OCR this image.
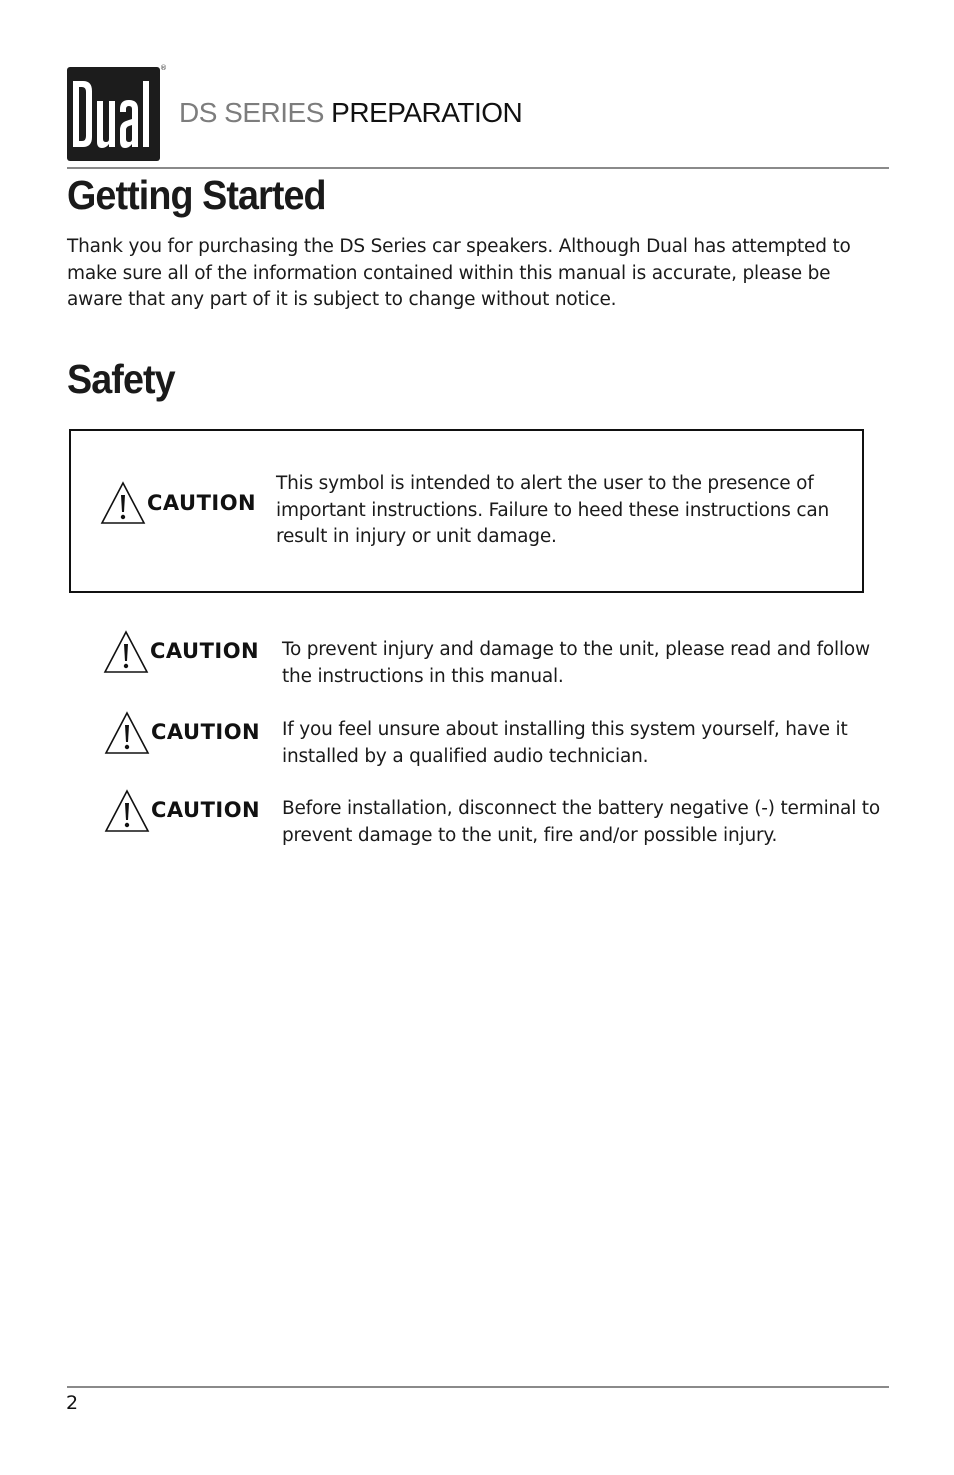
®
DS SERIES PREPARATION
Getting Started

Thank you for purchasing the DS Series car speakers. Although Dual has attempted to make sure all of the information contained within this manual is accurate, please be aware that any part of it is subject to change without notice.

Safety
CAUTION

This symbol is intended to alert the user to the presence of important instructions. Failure to heed these instructions can result in injury or unit damage.

CAUTION To prevent injury and damage to the unit, please read and follow the instructions in this manual.

CAUTION If you feel unsure about installing this system yourself, have it installed by a qualified audio technician.

CAUTION Before installation, disconnect the battery negative (-) terminal to prevent damage to the unit, fire and/or possible injury.

2
